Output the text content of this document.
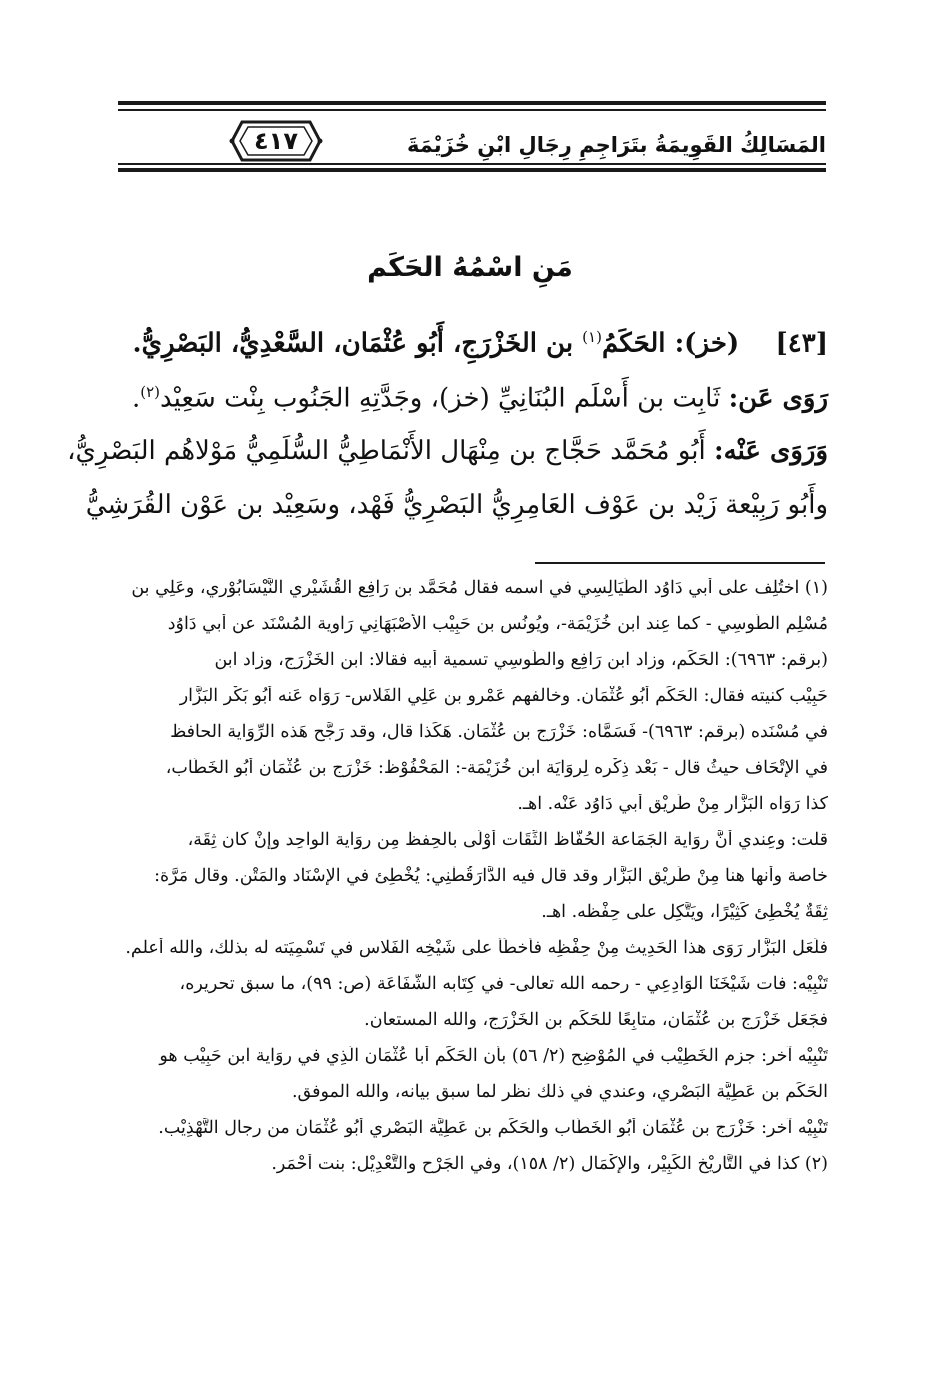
المَسَالِكُ القَوِيمَةُ بتَرَاجِمِ رِجَالِ ابْنِ خُزَيْمَةَ
٤١٧
مَنِ اسْمُهُ الحَكَم
[٤٣]    (خز): الحَكَمُ$^{(١)}$ بن الخَزْرَجِ، أَبُو عُثْمَان، السَّعْدِيُّ، البَصْرِيُّ.
رَوَى عَن: ثَابِت بن أَسْلَم البُنَانِيِّ (خز)، وجَدَّتِهِ الجَنُوب بِنْت سَعِيْد$^{(٢)}$.
وَرَوَى عَنْه: أَبُو مُحَمَّد حَجَّاج بن مِنْهَال الأَنْمَاطِيُّ السُّلَمِيُّ مَوْلاهُم البَصْرِيُّ،
وأَبُو رَبِيْعة زَيْد بن عَوْف العَامِرِيُّ البَصْرِيُّ فَهْد، وسَعِيْد بن عَوْن القُرَشِيُّ
(١) اختُلِف على أبي دَاوُد الطَّيَالِسِي في اسمه فقال مُحَمَّد بن رَافِع القُشَيْرِي النَّيْسَابُوْرِي، وعَلِي بن
مُسْلِم الطُّوسِي - كما عِند ابن خُزَيْمَة-، ويُونُس بن حَبِيْب الأَصْبَهَانِي رَاوِية المُسْنَد عن أبي دَاوُد
(برقم: ٦٩٦٣): الحَكَم، وزاد ابن رَافِع والطُّوسِي تسمية أبيه فقالا: ابن الخَزْرَج، وزاد ابن
حَبِيْب كنيته فقال: الحَكَم أَبُو عُثْمَان. وخالفهم عَمْرو بن عَلِي الفَلاس- رَوَاه عَنه أَبُو بَكْر البَزَّار
في مُسْنَده (برقم: ٦٩٦٣)- فَسَمَّاه: خَزْرَج بن عُثْمَان. هَكَذا قال، وقد رَجَّح هَذه الرِّوَاية الحافظ
في الإِتْحَاف حيثُ قال - بَعْد ذِكْرِه لِرِوَايَة ابن خُزَيْمَة-: المَحْفُوْظ: خَزْرَج بن عُثْمَان أَبُو الخَطَّاب،
كذا رَوَاه البَزَّار مِنْ طَرِيْق أبي دَاوُد عَنْه. اهـ.
قلت: وعِندي أَنَّ رِوَاية الجَمَاعة الحُفَّاظ الثِّقَات أَوْلَى بالحِفظ مِن رِوَاية الواحِد وإِنْ كان ثِقَة،
خاصة وأنها هنا مِنْ طَرِيْق البَزَّار وقد قال فيه الدَّارَقُطْنِي: يُخْطِئ في الإِسْنَاد والمَتْن. وقال مَرَّة:
ثِقَةٌ يُخْطِئ كَثِيْرًا، ويَتَّكِل على حِفْظه. اهـ.
فلَعَل البَزَّار رَوَى هذا الحَدِيث مِنْ حِفْظِه فأَخطَأ على شَيْخِه الفَلاس في تَسْمِيَته له بذلك، والله أعلم.
تَنْبِيْه: فات شَيْخَنَا الوَادِعِي - رحمه الله تعالى- في كِتَابه الشَّفَاعَة (ص: ٩٩)، ما سبق تحريره،
فجَعَل خَزْرَج بن عُثْمَان، متابِعًا للحَكَم بن الخَزْرَج، والله المستعان.
تَنْبِيْه آخر: جزم الخَطِيْب في المُوْضِح (٢/ ٥٦) بأن الحَكَم أبا عُثْمَان الَّذِي في رِوَاية ابن حَبِيْب هو
الحَكَم بن عَطِيَّة البَصْرِي، وعندي في ذلك نظر لما سبق بيانه، والله الموفق.
تَنْبِيْه آخر: خَزْرَج بن عُثْمَان أَبُو الخَطَّاب والحَكَم بن عَطِيَّة البَصْرِي أَبُو عُثْمَان من رجال التَّهْذِيْب.
(٢) كذا في التَّارِيْخ الكَبِيْر، والإِكْمَال (٢/ ١٥٨)، وفي الجَرْح والتَّعْدِيْل: بنت أَحْمَر.
